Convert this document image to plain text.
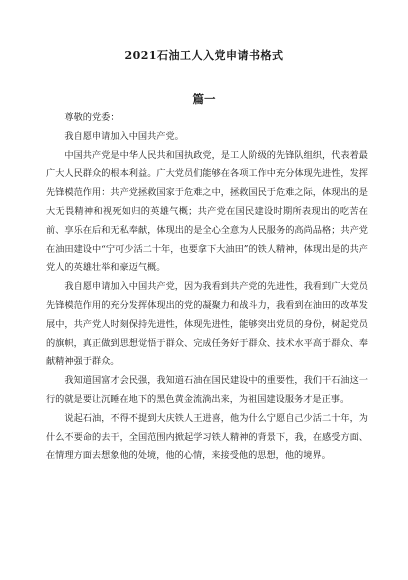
2021石油工人入党申请书格式
篇一

尊敬的党委：

我自愿申请加入中国共产党。

中国共产党是中华人民共和国执政党，是工人阶级的先锋队组织，代表着最广大人民群众的根本利益。广大党员们能够在各项工作中充分体现先进性，发挥先锋模范作用：共产党拯救国家于危难之中，拯救国民于危难之际，体现出的是大无畏精神和视死如归的英雄气概；共产党在国民建设时期所表现出的吃苦在前、享乐在后和无私奉献，体现出的是全心全意为人民服务的高尚品格；共产党在油田建设中“宁可少活二十年，也要拿下大油田”的铁人精神，体现出是的共产党人的英雄壮举和豪迈气概。

我自愿申请加入中国共产党，因为我看到共产党的先进性，我看到广大党员先锋模范作用的充分发挥体现出的党的凝聚力和战斗力，我看到在油田的改革发展中，共产党人时刻保持先进性，体现先进性，能够突出党员的身份，树起党员的旗帜，真正做到思想觉悟于群众、完成任务好于群众、技术水平高于群众、奉献精神强于群众。

我知道国富才会民强，我知道石油在国民建设中的重要性，我们干石油这一行的就是要让沉睡在地下的黑色黄金流淌出来，为祖国建设服务才是正事。

说起石油，不得不提到大庆铁人王进喜，他为什么宁愿自己少活二十年，为什么不要命的去干，全国范围内掀起学习铁人精神的背景下，我，在感受方面、在情理方面去想象他的处境，他的心情，来接受他的思想，他的境界。
